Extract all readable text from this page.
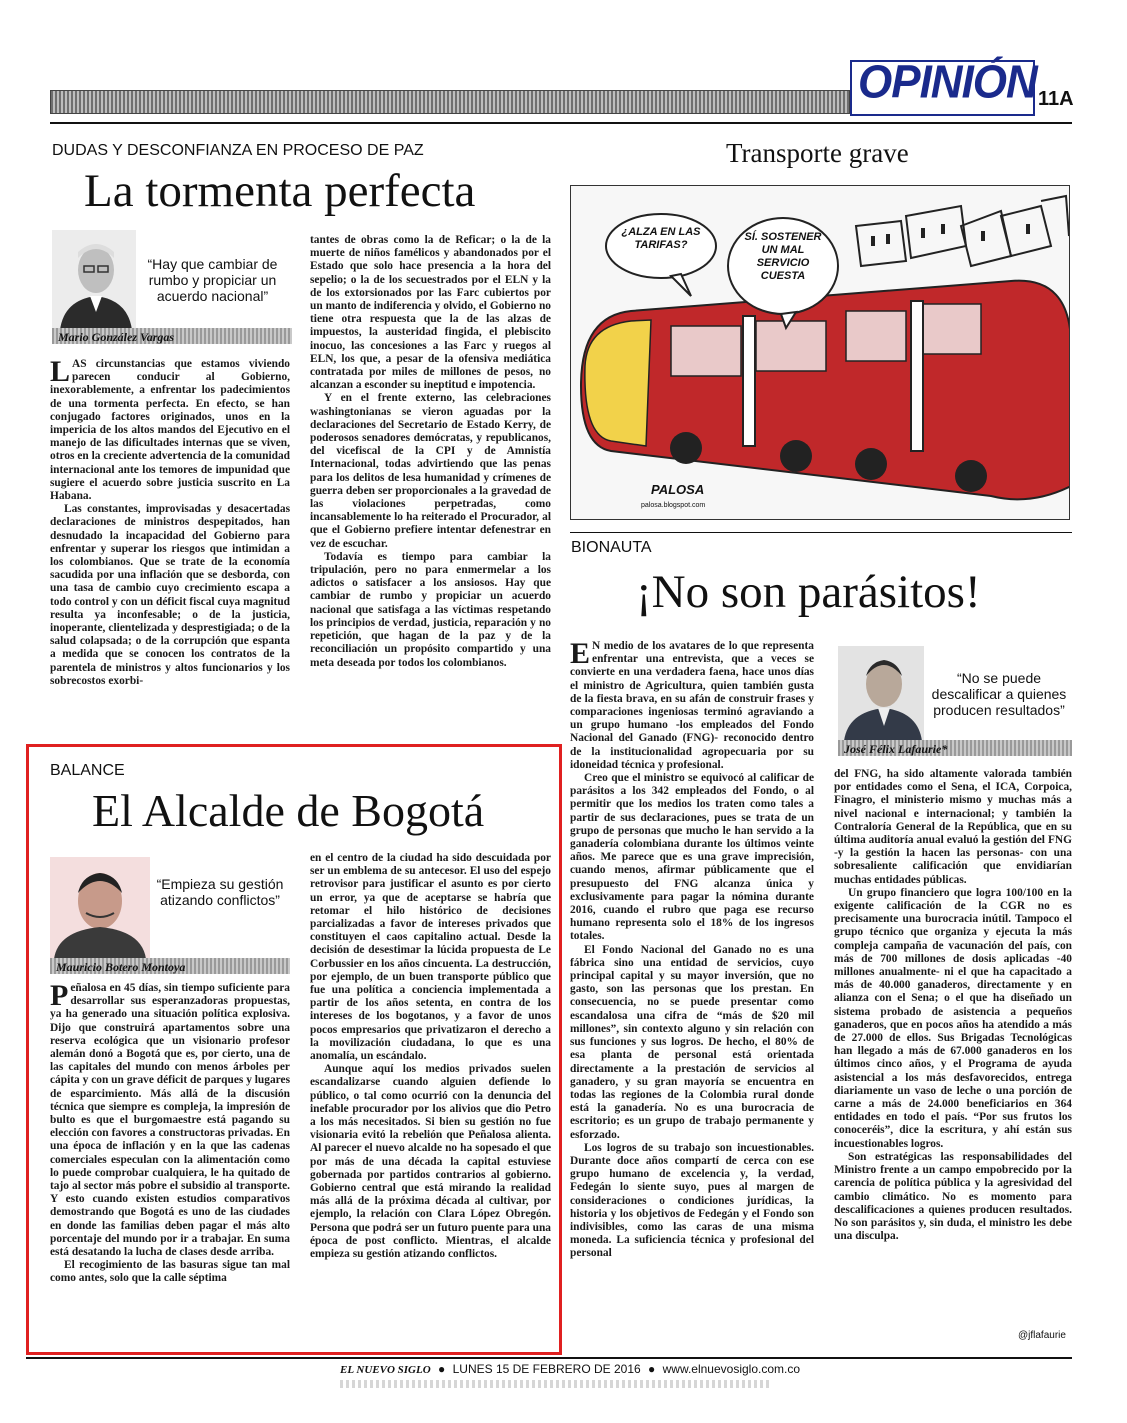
OPINIÓN 11A
DUDAS Y DESCONFIANZA EN PROCESO DE PAZ
La tormenta perfecta
Mario González Vargas
“Hay que cambiar de rumbo y propiciar un acuerdo nacional”

LAS circunstancias que estamos viviendo parecen conducir al Gobierno, inexorablemente, a enfrentar los padecimientos de una tormenta perfecta. En efecto, se han conjugado factores originados, unos en la impericia de los altos mandos del Ejecutivo en el manejo de las dificultades internas que se viven, otros en la creciente advertencia de la comunidad internacional ante los temores de impunidad que sugiere el acuerdo sobre justicia suscrito en La Habana.

Las constantes, improvisadas y desacertadas declaraciones de ministros despepitados, han desnudado la incapacidad del Gobierno para enfrentar y superar los riesgos que intimidan a los colombianos. Que se trate de la economía sacudida por una inflación que se desborda, con una tasa de cambio cuyo crecimiento escapa a todo control y con un déficit fiscal cuya magnitud resulta ya inconfesable; o de la justicia, inoperante, clientelizada y desprestigiada; o de la salud colapsada; o de la corrupción que espanta a medida que se conocen los contratos de la parentela de ministros y altos funcionarios y los sobrecostos exorbi-

tantes de obras como la de Reficar; o la de la muerte de niños famélicos y abandonados por el Estado que solo hace presencia a la hora del sepelio; o la de los secuestrados por el ELN y la de los extorsionados por las Farc cubiertos por un manto de indiferencia y olvido, el Gobierno no tiene otra respuesta que la de las alzas de impuestos, la austeridad fingida, el plebiscito inocuo, las concesiones a las Farc y ruegos al ELN, los que, a pesar de la ofensiva mediática contratada por miles de millones de pesos, no alcanzan a esconder su ineptitud e impotencia.

Y en el frente externo, las celebraciones washingtonianas se vieron aguadas por la declaraciones del Secretario de Estado Kerry, de poderosos senadores demócratas, y republicanos, del vicefiscal de la CPI y de Amnistía Internacional, todas advirtiendo que las penas para los delitos de lesa humanidad y crímenes de guerra deben ser proporcionales a la gravedad de las violaciones perpetradas, como incansablemente lo ha reiterado el Procurador, al que el Gobierno prefiere intentar defenestrar en vez de escuchar.

Todavía es tiempo para cambiar la tripulación, pero no para enmermelar a los adictos o satisfacer a los ansiosos. Hay que cambiar de rumbo y propiciar un acuerdo nacional que satisfaga a las víctimas respetando los principios de verdad, justicia, reparación y no repetición, que hagan de la paz y de la reconciliación un propósito compartido y una meta deseada por todos los colombianos.

Transporte grave
¿ALZA EN LAS TARIFAS?
SÍ. SOSTENER UN MAL SERVICIO CUESTA
PALOSA
palosa.blogspot.com
BIONAUTA
¡No son parásitos!

E N medio de los avatares de lo que representa enfrentar una entrevista, que a veces se convierte en una verdadera faena, hace unos días el ministro de Agricultura, quien también gusta de la fiesta brava, en su afán de construir frases y comparaciones ingeniosas terminó agraviando a un grupo humano -los empleados del Fondo Nacional del Ganado (FNG)- reconocido dentro de la institucionalidad agropecuaria por su idoneidad técnica y profesional.

Creo que el ministro se equivocó al calificar de parásitos a los 342 empleados del Fondo, o al permitir que los medios los traten como tales a partir de sus declaraciones, pues se trata de un grupo de personas que mucho le han servido a la ganadería colombiana durante los últimos veinte años. Me parece que es una grave imprecisión, cuando menos, afirmar públicamente que el presupuesto del FNG alcanza única y exclusivamente para pagar la nómina durante 2016, cuando el rubro que paga ese recurso humano representa solo el 18% de los ingresos totales.

El Fondo Nacional del Ganado no es una fábrica sino una entidad de servicios, cuyo principal capital y su mayor inversión, que no gasto, son las personas que los prestan. En consecuencia, no se puede presentar como escandalosa una cifra de “más de $20 mil millones”, sin contexto alguno y sin relación con sus funciones y sus logros. De hecho, el 80% de esa planta de personal está orientada directamente a la prestación de servicios al ganadero, y su gran mayoría se encuentra en todas las regiones de la Colombia rural donde está la ganadería. No es una burocracia de escritorio; es un grupo de trabajo permanente y esforzado.

Los logros de su trabajo son incuestionables. Durante doce años compartí de cerca con ese grupo humano de excelencia y, la verdad, Fedegán lo siente suyo, pues al margen de consideraciones o condiciones jurídicas, la historia y los objetivos de Fedegán y el Fondo son indivisibles, como las caras de una misma moneda. La suficiencia técnica y profesional del personal

José Félix Lafaurie*
“No se puede descalificar a quienes producen resultados”

del FNG, ha sido altamente valorada también por entidades como el Sena, el ICA, Corpoica, Finagro, el ministerio mismo y muchas más a nivel nacional e internacional; y también la Contraloría General de la República, que en su última auditoría anual evaluó la gestión del FNG -y la gestión la hacen las personas- con una sobresaliente calificación que envidiarían muchas entidades públicas.

Un grupo financiero que logra 100/100 en la exigente calificación de la CGR no es precisamente una burocracia inútil. Tampoco el grupo técnico que organiza y ejecuta la más compleja campaña de vacunación del país, con más de 700 millones de dosis aplicadas -40 millones anualmente- ni el que ha capacitado a más de 40.000 ganaderos, directamente y en alianza con el Sena; o el que ha diseñado un sistema probado de asistencia a pequeños ganaderos, que en pocos años ha atendido a más de 27.000 de ellos. Sus Brigadas Tecnológicas han llegado a más de 67.000 ganaderos en los últimos cinco años, y el Programa de ayuda asistencial a los más desfavorecidos, entrega diariamente un vaso de leche o una porción de carne a más de 24.000 beneficiarios en 364 entidades en todo el país. “Por sus frutos los conoceréis”, dice la escritura, y ahí están sus incuestionables logros.

Son estratégicas las responsabilidades del Ministro frente a un campo empobrecido por la carencia de política pública y la agresividad del cambio climático. No es momento para descalificaciones a quienes producen resultados. No son parásitos y, sin duda, el ministro les debe una disculpa.

@jflafaurie
BALANCE
El Alcalde de Bogotá
Mauricio Botero Montoya
“Empieza su gestión atizando conflictos”

Peñalosa en 45 días, sin tiempo suficiente para desarrollar sus esperanzadoras propuestas, ya ha generado una situación política explosiva. Dijo que construirá apartamentos sobre una reserva ecológica que un visionario profesor alemán donó a Bogotá que es, por cierto, una de las capitales del mundo con menos árboles per cápita y con un grave déficit de parques y lugares de esparcimiento. Más allá de la discusión técnica que siempre es compleja, la impresión de bulto es que el burgomaestre está pagando su elección con favores a constructoras privadas. En una época de inflación y en la que las cadenas comerciales especulan con la alimentación como lo puede comprobar cualquiera, le ha quitado de tajo al sector más pobre el subsidio al transporte. Y esto cuando existen estudios comparativos demostrando que Bogotá es uno de las ciudades en donde las familias deben pagar el más alto porcentaje del mundo por ir a trabajar. En suma está desatando la lucha de clases desde arriba.

El recogimiento de las basuras sigue tan mal como antes, solo que la calle séptima

en el centro de la ciudad ha sido descuidada por ser un emblema de su antecesor. El uso del espejo retrovisor para justificar el asunto es por cierto un error, ya que de aceptarse se habría que retomar el hilo histórico de decisiones parcializadas a favor de intereses privados que constituyen el caos capitalino actual. Desde la decisión de desestimar la lúcida propuesta de Le Corbussier en los años cincuenta. La destrucción, por ejemplo, de un buen transporte público que fue una política a conciencia implementada a partir de los años setenta, en contra de los intereses de los bogotanos, y a favor de unos pocos empresarios que privatizaron el derecho a la movilización ciudadana, lo que es una anomalía, un escándalo.

Aunque aquí los medios privados suelen escandalizarse cuando alguien defiende lo público, o tal como ocurrió con la denuncia del inefable procurador por los alivios que dio Petro a los más necesitados. Si bien su gestión no fue visionaria evitó la rebelión que Peñalosa alienta. Al parecer el nuevo alcalde no ha sopesado el que por más de una década la capital estuviese gobernada por partidos contrarios al gobierno. Gobierno central que está mirando la realidad más allá de la próxima década al cultivar, por ejemplo, la relación con Clara López Obregón. Persona que podrá ser un futuro puente para una época de post conflicto. Mientras, el alcalde empieza su gestión atizando conflictos.

EL NUEVO SIGLO ● LUNES 15 DE FEBRERO DE 2016 ● www.elnuevosiglo.com.co
